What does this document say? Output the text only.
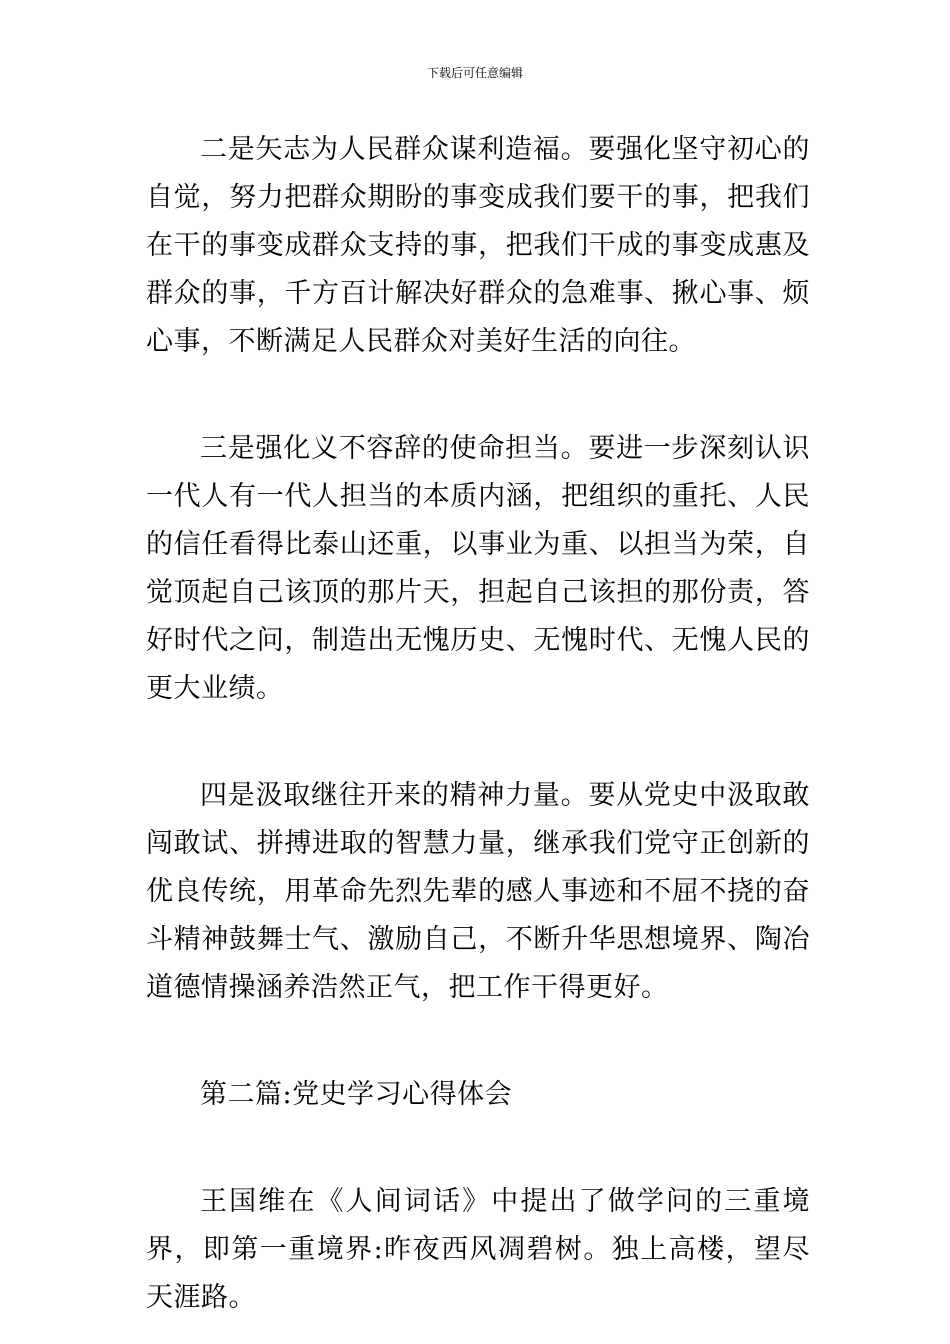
下载后可任意编辑

二是矢志为人民群众谋利造福。要强化坚守初心的自觉，努力把群众期盼的事变成我们要干的事，把我们在干的事变成群众支持的事，把我们干成的事变成惠及群众的事，千方百计解决好群众的急难事、揪心事、烦心事，不断满足人民群众对美好生活的向往。

三是强化义不容辞的使命担当。要进一步深刻认识一代人有一代人担当的本质内涵，把组织的重托、人民的信任看得比泰山还重，以事业为重、以担当为荣，自觉顶起自己该顶的那片天，担起自己该担的那份责，答好时代之问，制造出无愧历史、无愧时代、无愧人民的更大业绩。

四是汲取继往开来的精神力量。要从党史中汲取敢闯敢试、拼搏进取的智慧力量，继承我们党守正创新的优良传统，用革命先烈先辈的感人事迹和不屈不挠的奋斗精神鼓舞士气、激励自己，不断升华思想境界、陶冶道德情操涵养浩然正气，把工作干得更好。

第二篇:党史学习心得体会

王国维在《人间词话》中提出了做学问的三重境界，即第一重境界:昨夜西风凋碧树。独上高楼，望尽天涯路。
